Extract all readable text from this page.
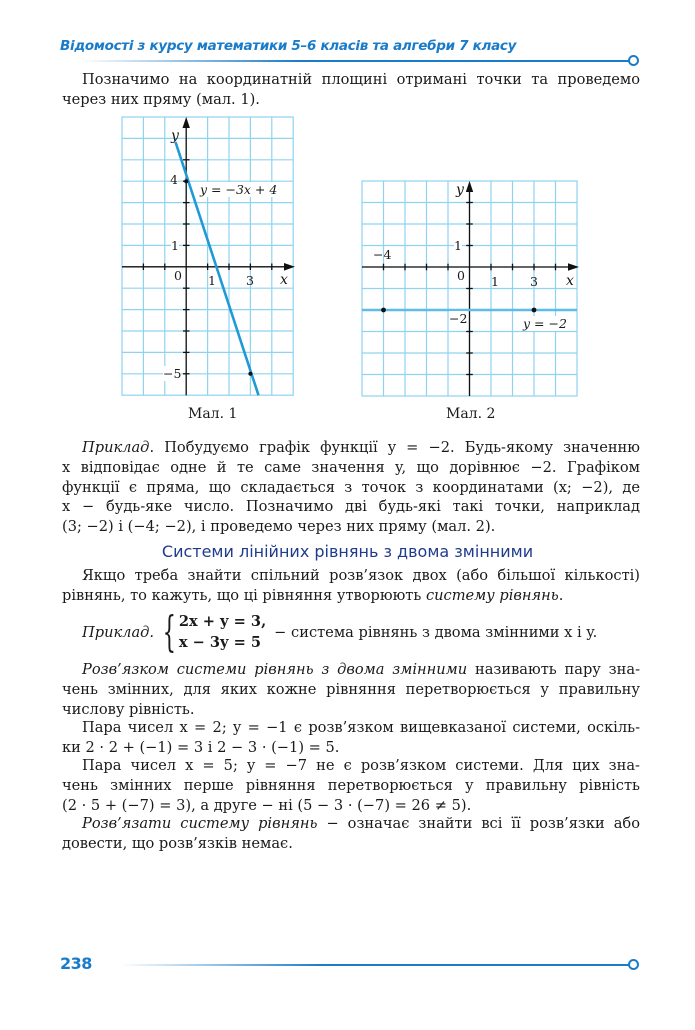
Відомості з курсу математики 5–6 класів та алгебри 7 класу
Позначимо на координатній площині отримані точки та проведемо
через них пряму (мал. 1).
y
x
y = −3x + 4
0
4
1
−5
1 3
Мал. 1
y
x
−4
0
1
−2
1 3
y = −2
Мал. 2
Приклад. Побудуємо графік функції y = −2. Будь-якому значенню
x відповідає одне й те саме значення y, що дорівнює −2. Графіком
функції є пряма, що складається з точок з координатами (x; −2), де
x − будь-яке число. Позначимо дві будь-які такі точки, наприклад
(3; −2) і (−4; −2), і проведемо через них пряму (мал. 2).
Системи лінійних рівнянь з двома змінними
Якщо треба знайти спільний розв’язок двох (або більшої кількості)
рівнянь, то кажуть, що ці рівняння утворюють систему рівнянь.
Приклад. { 2x + y = 3,
x − 3y = 5
− система рівнянь з двома змінними x і y.
Розв’язком системи рівнянь з двома змінними називають пару зна-
чень змінних, для яких кожне рівняння перетворюється у правильну
числову рівність.
Пара чисел x = 2; y = −1 є розв’язком вищевказаної системи, оскіль-
ки 2 · 2 + (−1) = 3 і 2 − 3 · (−1) = 5.
Пара чисел x = 5; y = −7 не є розв’язком системи. Для цих зна-
чень змінних перше рівняння перетворюється у правильну рівність
(2 · 5 + (−7) = 3), а друге − ні (5 − 3 · (−7) = 26 ≠ 5).
Розв’язати систему рівнянь − означає знайти всі її розв’язки або
довести, що розв’язків немає.
238
